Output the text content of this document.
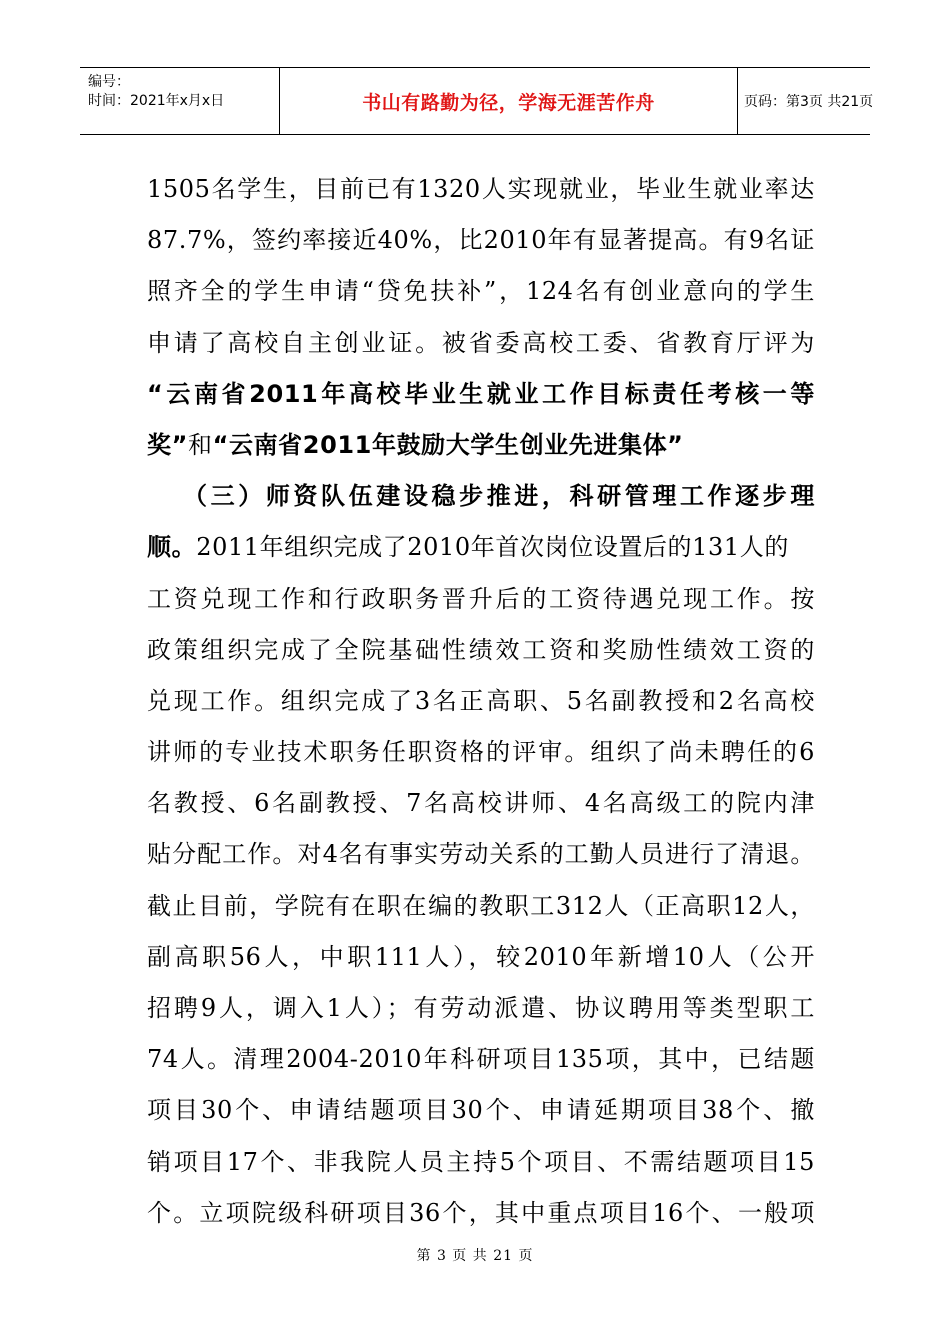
编号：
时间：2021年x月x日	书山有路勤为径，学海无涯苦作舟	页码：第3页 共21页
1505名学生，目前已有1320人实现就业，毕业生就业率达
87.7%，签约率接近40%，比2010年有显著提高。有9名证
照齐全的学生申请“贷免扶补”，124名有创业意向的学生
申请了高校自主创业证。被省委高校工委、省教育厅评为
“云南省2011年高校毕业生就业工作目标责任考核一等
奖”和“云南省2011年鼓励大学生创业先进集体”
（三）师资队伍建设稳步推进，科研管理工作逐步理
顺。2011年组织完成了2010年首次岗位设置后的131人的
工资兑现工作和行政职务晋升后的工资待遇兑现工作。按
政策组织完成了全院基础性绩效工资和奖励性绩效工资的
兑现工作。组织完成了3名正高职、5名副教授和2名高校
讲师的专业技术职务任职资格的评审。组织了尚未聘任的6
名教授、6名副教授、7名高校讲师、4名高级工的院内津
贴分配工作。对4名有事实劳动关系的工勤人员进行了清退。
截止目前，学院有在职在编的教职工312人（正高职12人，
副高职56人，中职111人），较2010年新增10人（公开
招聘9人，调入1人）；有劳动派遣、协议聘用等类型职工
74人。清理2004-2010年科研项目135项，其中，已结题
项目30个、申请结题项目30个、申请延期项目38个、撤
销项目17个、非我院人员主持5个项目、不需结题项目15
个。立项院级科研项目36个，其中重点项目16个、一般项
第 3 页 共 21 页
